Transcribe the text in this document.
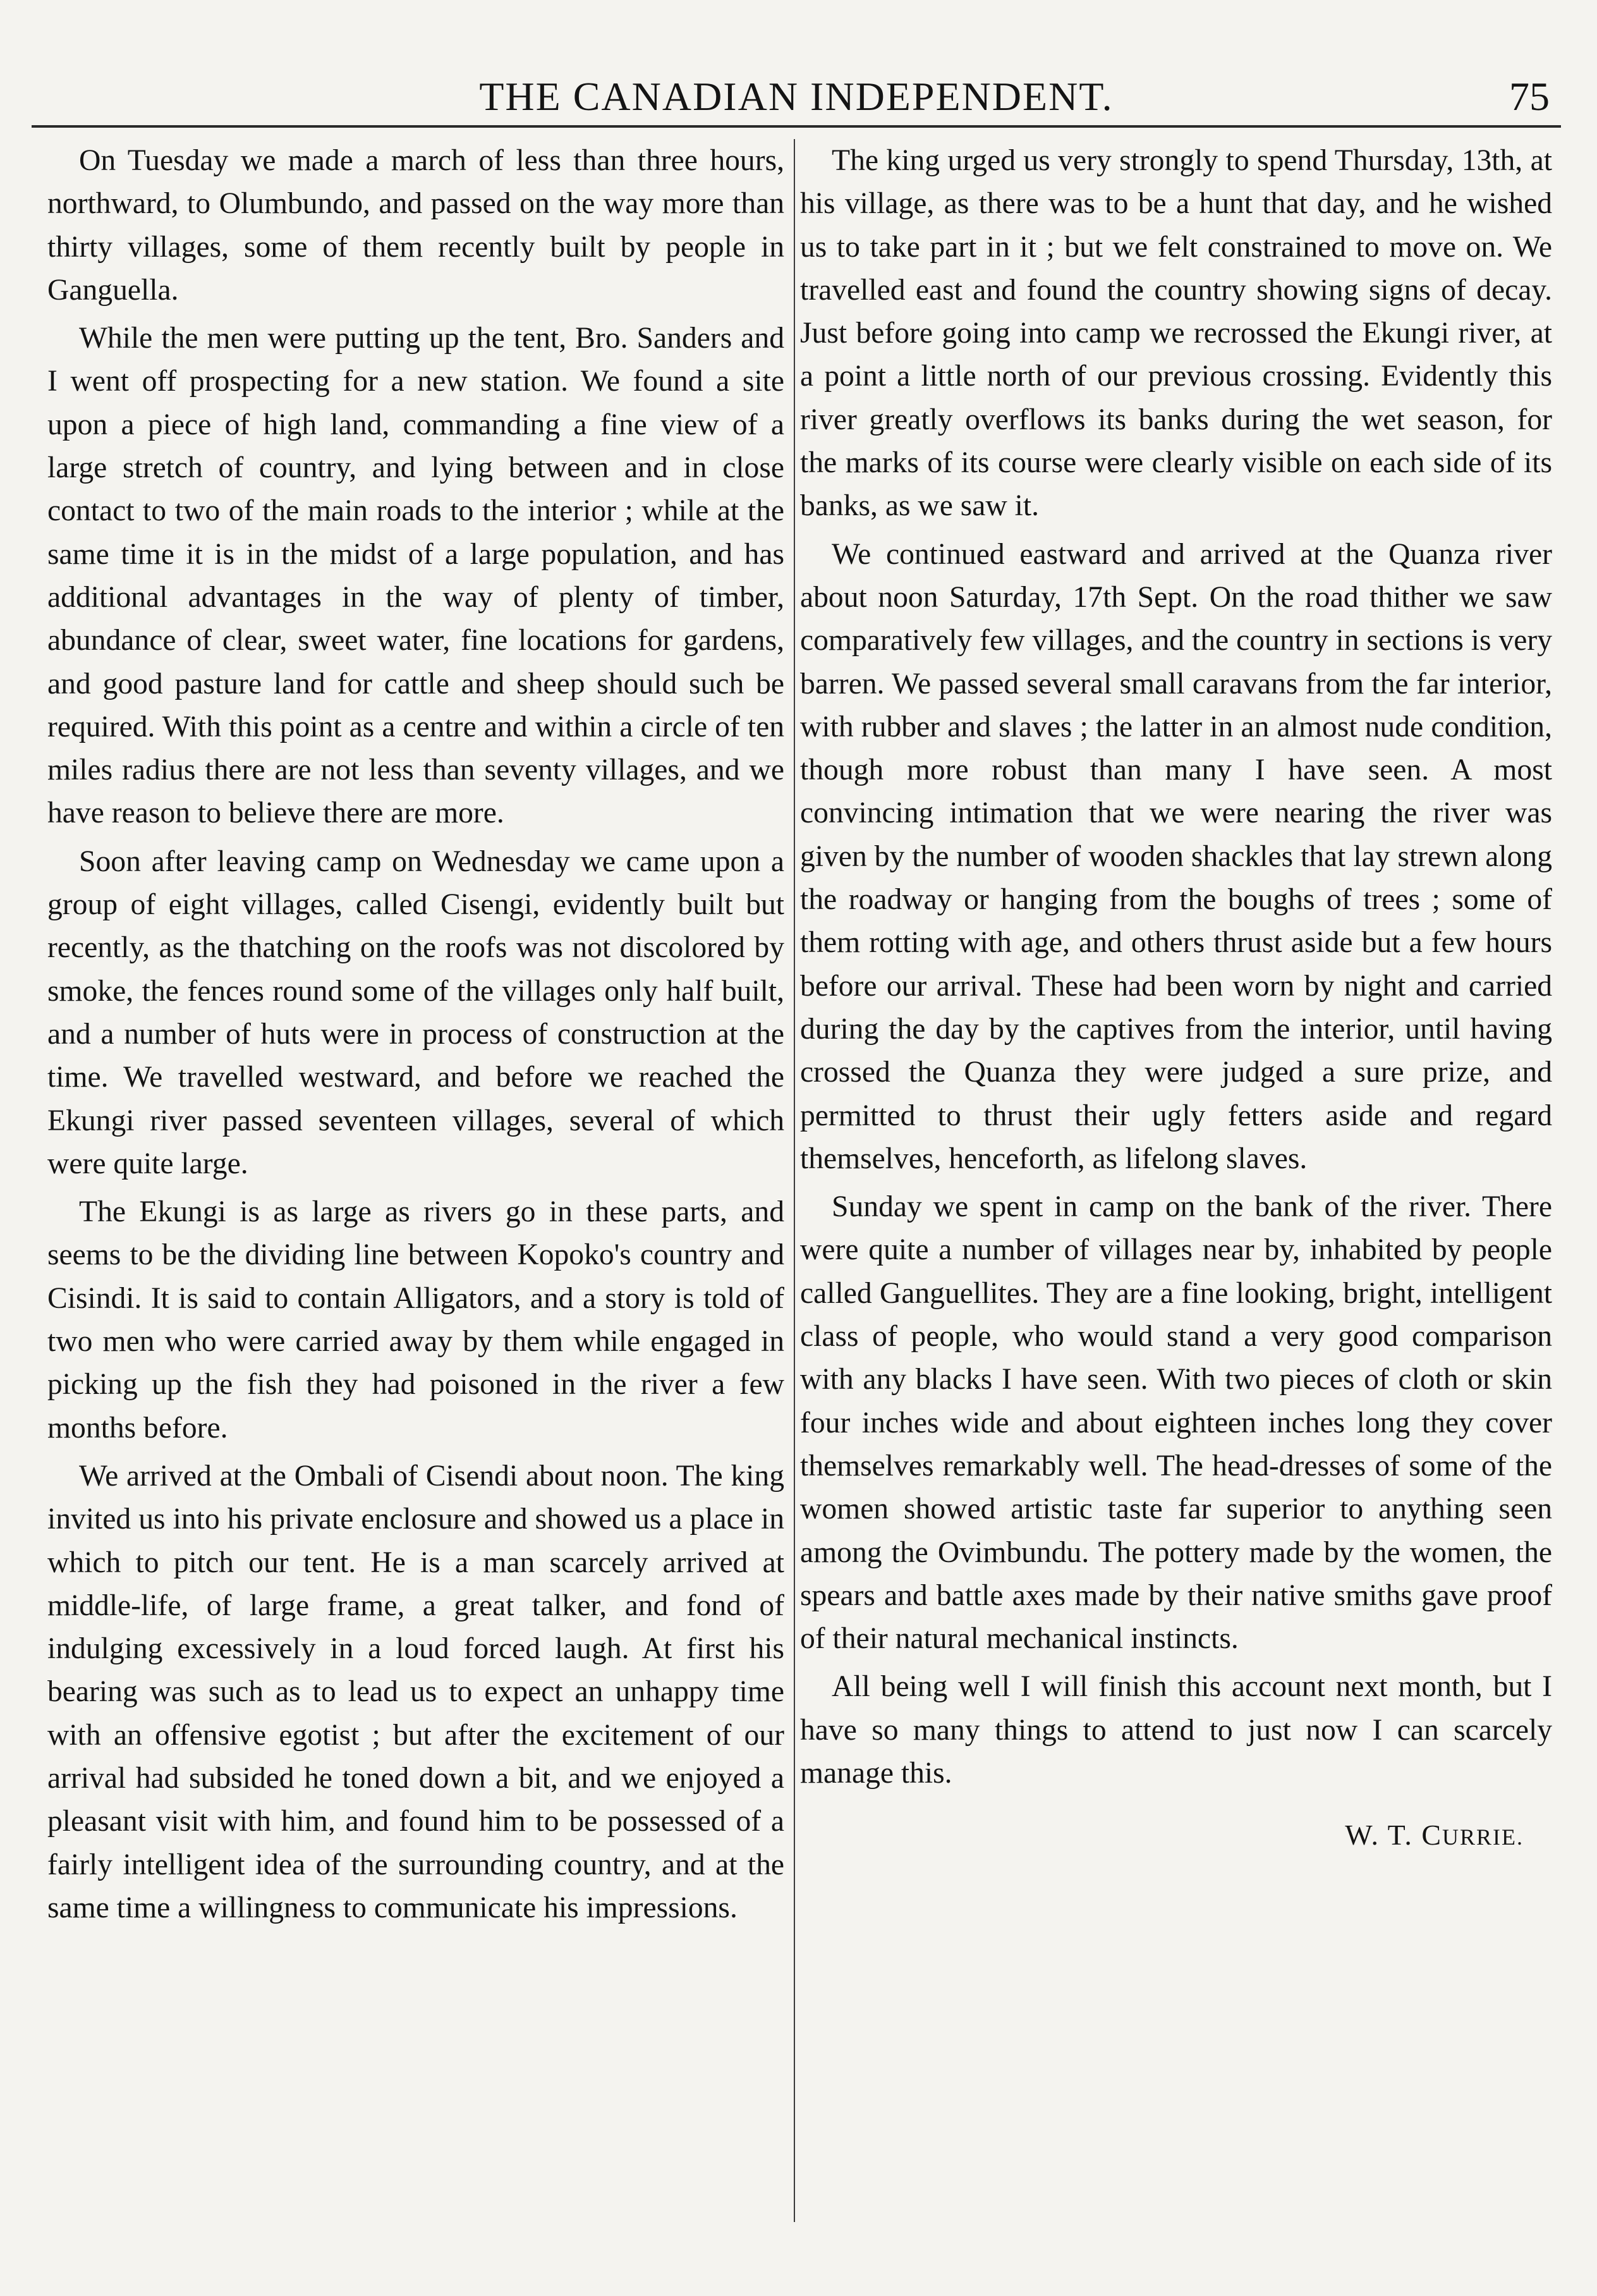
THE CANADIAN INDEPENDENT.	75

On Tuesday we made a march of less than three hours, northward, to Olumbundo, and passed on the way more than thirty villages, some of them recently built by people in Ganguella.

While the men were putting up the tent, Bro. Sanders and I went off prospecting for a new station. We found a site upon a piece of high land, commanding a fine view of a large stretch of country, and lying between and in close contact to two of the main roads to the interior ; while at the same time it is in the midst of a large population, and has additional advantages in the way of plenty of timber, abundance of clear, sweet water, fine locations for gardens, and good pasture land for cattle and sheep should such be required. With this point as a centre and within a circle of ten miles radius there are not less than seventy villages, and we have reason to believe there are more.

Soon after leaving camp on Wednesday we came upon a group of eight villages, called Cisengi, evidently built but recently, as the thatching on the roofs was not discolored by smoke, the fences round some of the villages only half built, and a number of huts were in process of construction at the time. We travelled westward, and before we reached the Ekungi river passed seventeen villages, several of which were quite large.

The Ekungi is as large as rivers go in these parts, and seems to be the dividing line between Kopoko's country and Cisindi. It is said to contain Alligators, and a story is told of two men who were carried away by them while engaged in picking up the fish they had poisoned in the river a few months before.

We arrived at the Ombali of Cisendi about noon. The king invited us into his private enclosure and showed us a place in which to pitch our tent. He is a man scarcely arrived at middle-life, of large frame, a great talker, and fond of indulging excessively in a loud forced laugh. At first his bearing was such as to lead us to expect an unhappy time with an offensive egotist ; but after the excitement of our arrival had subsided he toned down a bit, and we enjoyed a pleasant visit with him, and found him to be possessed of a fairly intelligent idea of the surrounding country, and at the same time a willingness to communicate his impressions.

The king urged us very strongly to spend Thursday, 13th, at his village, as there was to be a hunt that day, and he wished us to take part in it ; but we felt constrained to move on. We travelled east and found the country showing signs of decay. Just before going into camp we recrossed the Ekungi river, at a point a little north of our previous crossing. Evidently this river greatly overflows its banks during the wet season, for the marks of its course were clearly visible on each side of its banks, as we saw it.

We continued eastward and arrived at the Quanza river about noon Saturday, 17th Sept. On the road thither we saw comparatively few villages, and the country in sections is very barren. We passed several small caravans from the far interior, with rubber and slaves ; the latter in an almost nude condition, though more robust than many I have seen. A most convincing intimation that we were nearing the river was given by the number of wooden shackles that lay strewn along the roadway or hanging from the boughs of trees ; some of them rotting with age, and others thrust aside but a few hours before our arrival. These had been worn by night and carried during the day by the captives from the interior, until having crossed the Quanza they were judged a sure prize, and permitted to thrust their ugly fetters aside and regard themselves, henceforth, as lifelong slaves.

Sunday we spent in camp on the bank of the river. There were quite a number of villages near by, inhabited by people called Ganguellites. They are a fine looking, bright, intelligent class of people, who would stand a very good comparison with any blacks I have seen. With two pieces of cloth or skin four inches wide and about eighteen inches long they cover themselves remarkably well. The head-dresses of some of the women showed artistic taste far superior to anything seen among the Ovimbundu. The pottery made by the women, the spears and battle axes made by their native smiths gave proof of their natural mechanical instincts.

All being well I will finish this account next month, but I have so many things to attend to just now I can scarcely manage this.

W. T. CURRIE.
